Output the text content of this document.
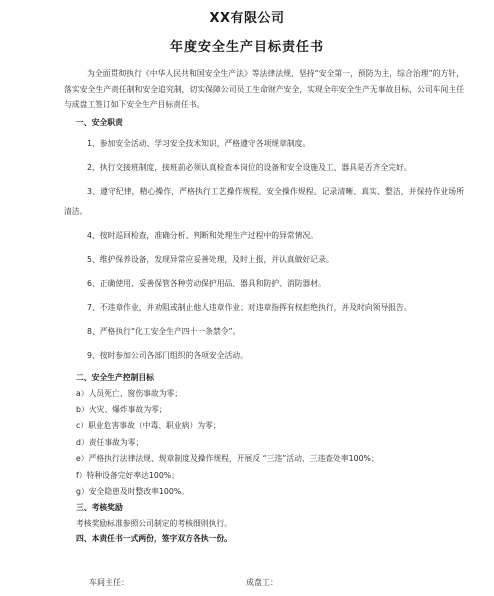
XX有限公司
年度安全生产目标责任书

为全面贯彻执行《中华人民共和国安全生产法》等法律法规，坚持“安全第一，预防为主，综合治理”的方针，落实安全生产责任制和安全追究制，切实保障公司员工生命财产安全，实现全年安全生产无事故目标，公司车间主任与成盘工签订如下安全生产目标责任书。

一、安全职责

1、参加安全活动、学习安全技术知识，严格遵守各项规章制度。

2、执行交接班制度，接班前必须认真检查本岗位的设备和安全设施及工、器具是否齐全完好。

3、遵守纪律，精心操作，严格执行工艺操作规程、安全操作规程。记录清晰、真实、整洁，并保持作业场所清洁。

4、按时巡回检查，准确分析、判断和处理生产过程中的异常情况。

5、维护保养设备，发现异常应妥善处理，及时上报，并认真做好记录。

6、正确使用、妥善保管各种劳动保护用品、器具和防护、消防器材。

7、不违章作业，并劝阻或制止他人违章作业；对违章指挥有权拒绝执行，并及时向领导报告。

8、严格执行“化工安全生产四十一条禁令”。

9、按时参加公司各部门组织的各项安全活动。

二、安全生产控制目标

a）人员死亡、窗伤事故为零；

b）火灾、爆炸事故为零；

c）职业危害事故（中毒、职业病）为零；

d）责任事故为零；

e）严格执行法律法规、规章制度及操作规程，开展反 “三违”活动，三违查处率100%；

f）特种设备完好率达100%；

g）安全隐患及时整改率100%。

三、考核奖励

考核奖励标准参照公司制定的考核细则执行。

四、本责任书一式两份，签字双方各执一份。

车间主任：	成盘工：
